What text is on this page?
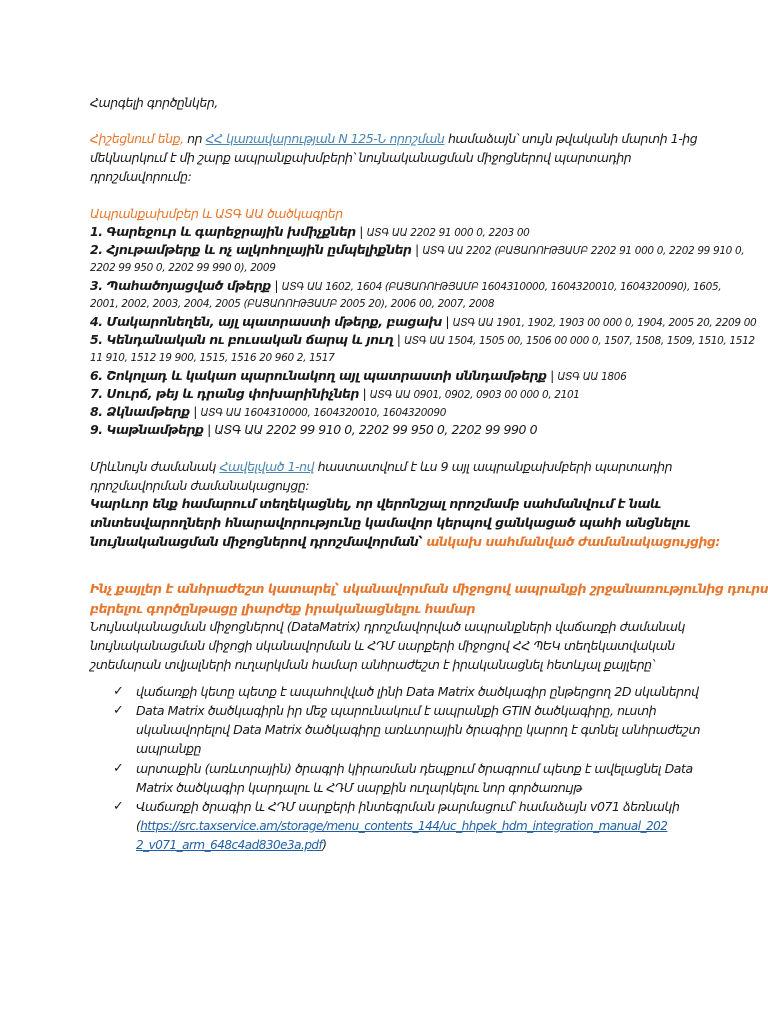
Հարգելի գործընկեր,
Հիշեցնում ենք, որ ՀՀ կառավարության N 125-Ն որոշման համաձայն՝ սույն թվականի մարտի 1-ից
մեկնարկում է մի շարք ապրանքախմբերի՝ նույնականացման միջոցներով պարտադիր
դրոշմավորումը:
Ապրանքախմբեր և ԱՏԳ ԱԱ ծածկագրեր
1. Գարեջուր և գարեջրային խմիչքներ | ԱՏԳ ԱԱ 2202 91 000 0, 2203 00
2. Հյութամթերք և ոչ ալկոհոլային ըմպելիքներ | ԱՏԳ ԱԱ 2202 (ԲԱՑԱՌՈՒԹՅԱՄԲ 2202 91 000 0, 2202 99 910 0,
2202 99 950 0, 2202 99 990 0), 2009
3. Պահածոյացված մթերք | ԱՏԳ ԱԱ 1602, 1604 (ԲԱՑԱՌՈՒԹՅԱՄԲ 1604310000, 1604320010, 1604320090), 1605,
2001, 2002, 2003, 2004, 2005 (ԲԱՑԱՌՈՒԹՅԱՄԲ 2005 20), 2006 00, 2007, 2008
4. Մակարոնեղեն, այլ պատրաստի մթերք, բացախ | ԱՏԳ ԱԱ 1901, 1902, 1903 00 000 0, 1904, 2005 20, 2209 00
5. Կենդանական ու բուսական ճարպ և յուղ | ԱՏԳ ԱԱ 1504, 1505 00, 1506 00 000 0, 1507, 1508, 1509, 1510, 1512
11 910, 1512 19 900, 1515, 1516 20 960 2, 1517
6. Շոկոլադ և կակաո պարունակող այլ պատրաստի սննդամթերք | ԱՏԳ ԱԱ 1806
7. Սուրճ, թեյ և դրանց փոխարինիչներ | ԱՏԳ ԱԱ 0901, 0902, 0903 00 000 0, 2101
8. Ձկնամթերք | ԱՏԳ ԱԱ 1604310000, 1604320010, 1604320090
9. Կաթնամթերք | ԱՏԳ ԱԱ 2202 99 910 0, 2202 99 950 0, 2202 99 990 0
Միևնույն ժամանակ Հավելված 1-ով հաստատվում է ևս 9 այլ ապրանքախմբերի պարտադիր
դրոշմավորման ժամանակացույցը:
Կարևոր ենք համարում տեղեկացնել, որ վերոնշյալ որոշմամբ սահմանվում է նաև
տնտեսվարողների հնարավորությունը կամավոր կերպով ցանկացած պահի անցնելու
նույնականացման միջոցներով դրոշմավորման՝ անկախ սահմանված ժամանակացույցից:
Ինչ քայլեր է անհրաժեշտ կատարել՝ սկանավորման միջոցով ապրանքի շրջանառությունից դուրս
բերելու գործընթացը լիարժեք իրականացնելու համար
Նույնականացման միջոցներով (DataMatrix) դրոշմավորված ապրանքների վաճառքի ժամանակ
նույնականացման միջոցի սկանավորման և ՀԴՄ սարքերի միջոցով ՀՀ ՊԵԿ տեղեկատվական
շտեմարան տվյալների ուղարկման համար անհրաժեշտ է իրականացնել հետևյալ քայլերը՝
✓ վաճառքի կետը պետք է ապահովված լինի Data Matrix ծածկագիր ընթերցող 2D սկաներով
✓ Data Matrix ծածկագիրն իր մեջ պարունակում է ապրանքի GTIN ծածկագիրը, ուստի
սկանավորելով Data Matrix ծածկագիրը առևտրային ծրագիրը կարող է գտնել անհրաժեշտ
ապրանքը
✓ արտաքին (առևտրային) ծրագրի կիրառման դեպքում ծրագրում պետք է ավելացնել Data
Matrix ծածկագիր կարդալու և ՀԴՄ սարքին ուղարկելու նոր գործառույթ
✓ Վաճառքի ծրագիր և ՀԴՄ սարքերի ինտեգրման թարմացում՝ համաձայն v071 ձեռնակի
(https://src.taxservice.am/storage/menu_contents_144/uc_hhpek_hdm_integration_manual_202
2_v071_arm_648c4ad830e3a.pdf)
